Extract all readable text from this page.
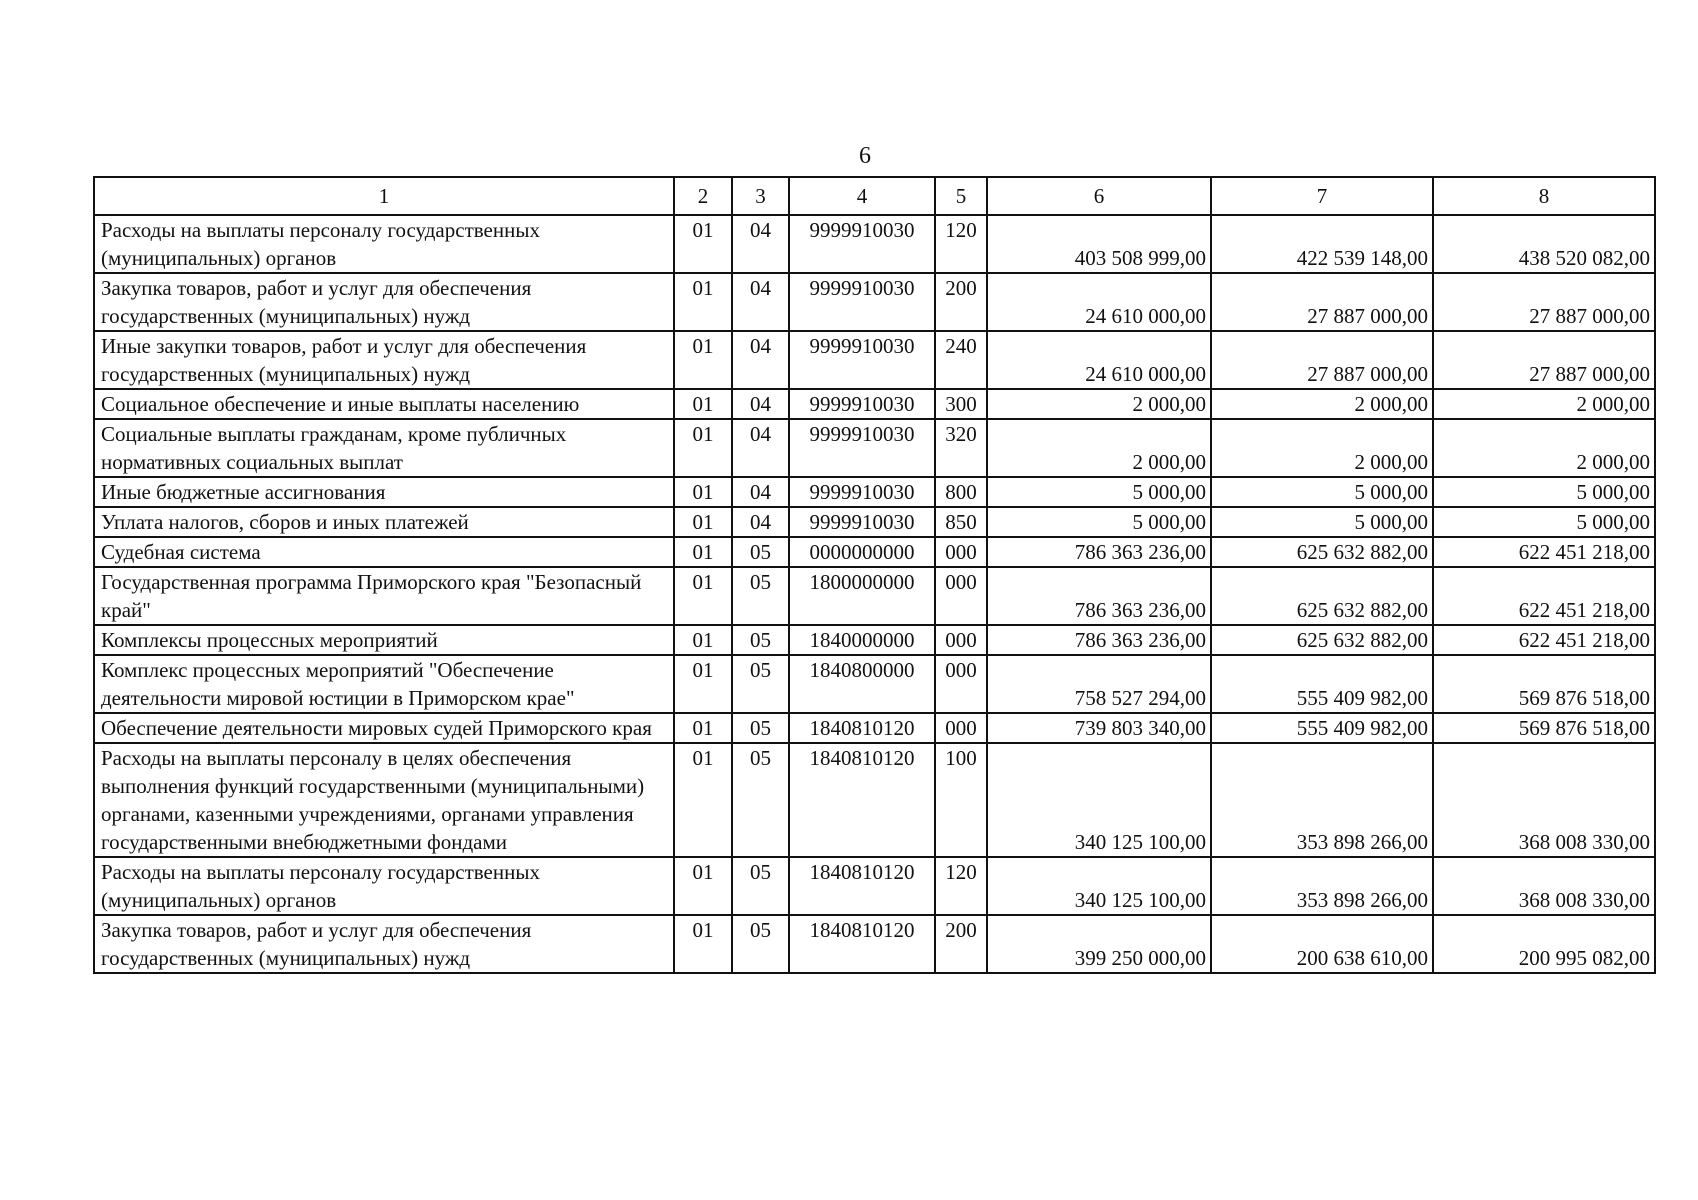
6
1	2	3	4	5	6	7	8
Расходы на выплаты персоналу государственных (муниципальных) органов	01	04	9999910030	120	403 508 999,00	422 539 148,00	438 520 082,00
Закупка товаров, работ и услуг для обеспечения государственных (муниципальных) нужд	01	04	9999910030	200	24 610 000,00	27 887 000,00	27 887 000,00
Иные закупки товаров, работ и услуг для обеспечения государственных (муниципальных) нужд	01	04	9999910030	240	24 610 000,00	27 887 000,00	27 887 000,00
Социальное обеспечение и иные выплаты населению	01	04	9999910030	300	2 000,00	2 000,00	2 000,00
Социальные выплаты гражданам, кроме публичных нормативных социальных выплат	01	04	9999910030	320	2 000,00	2 000,00	2 000,00
Иные бюджетные ассигнования	01	04	9999910030	800	5 000,00	5 000,00	5 000,00
Уплата налогов, сборов и иных платежей	01	04	9999910030	850	5 000,00	5 000,00	5 000,00
Судебная система	01	05	0000000000	000	786 363 236,00	625 632 882,00	622 451 218,00
Государственная программа Приморского края "Безопасный край"	01	05	1800000000	000	786 363 236,00	625 632 882,00	622 451 218,00
Комплексы процессных мероприятий	01	05	1840000000	000	786 363 236,00	625 632 882,00	622 451 218,00
Комплекс процессных мероприятий "Обеспечение деятельности мировой юстиции в Приморском крае"	01	05	1840800000	000	758 527 294,00	555 409 982,00	569 876 518,00
Обеспечение деятельности мировых судей Приморского края	01	05	1840810120	000	739 803 340,00	555 409 982,00	569 876 518,00
Расходы на выплаты персоналу в целях обеспечения выполнения функций государственными (муниципальными) органами, казенными учреждениями, органами управления государственными внебюджетными фондами	01	05	1840810120	100	340 125 100,00	353 898 266,00	368 008 330,00
Расходы на выплаты персоналу государственных (муниципальных) органов	01	05	1840810120	120	340 125 100,00	353 898 266,00	368 008 330,00
Закупка товаров, работ и услуг для обеспечения государственных (муниципальных) нужд	01	05	1840810120	200	399 250 000,00	200 638 610,00	200 995 082,00
